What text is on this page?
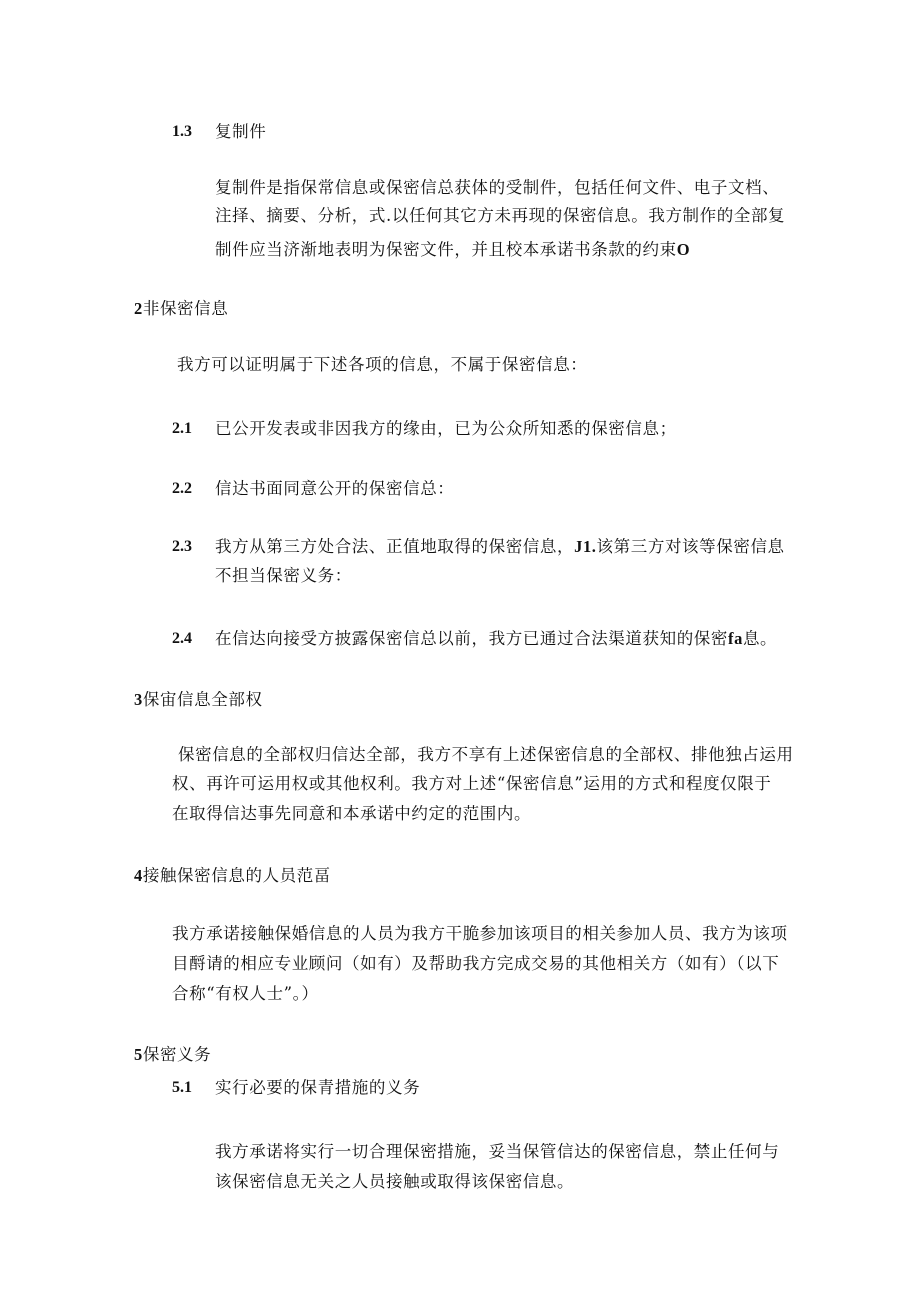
1.3 复制件
复制件是指保常信息或保密信总获体的受制件，包括任何文件、电子文档、
注择、摘要、分析，式.以任何其它方未再现的保密信息。我方制作的全部复
制件应当济渐地表明为保密文件，并且校本承诺书条款的约束O
2非保密信息
我方可以证明属于下述各项的信息，不属于保密信息：
2.1 已公开发表或非因我方的缘由，已为公众所知悉的保密信息；
2.2 信达书面同意公开的保密信总：
2.3 我方从第三方处合法、正值地取得的保密信息，J1.该第三方对该等保密信息
不担当保密义务：
2.4 在信达向接受方披露保密信总以前，我方已通过合法渠道获知的保密fa息。
3保宙信息全部权
保密信息的全部权归信达全部，我方不享有上述保密信息的全部权、排他独占运用
权、再许可运用权或其他权利。我方对上述“保密信息”运用的方式和程度仅限于
在取得信达事先同意和本承诺中约定的范围内。
4接触保密信息的人员范畐
我方承诺接触保婚信息的人员为我方干脆参加该项目的相关参加人员、我方为该项
目酹请的相应专业顾问（如有）及帮助我方完成交易的其他相关方（如有）（以下
合称“有权人士”。）
5保密义务
5.1 实行必要的保青措施的义务
我方承诺将实行一切合理保密措施，妥当保管信达的保密信息，禁止任何与
该保密信息无关之人员接触或取得该保密信息。
